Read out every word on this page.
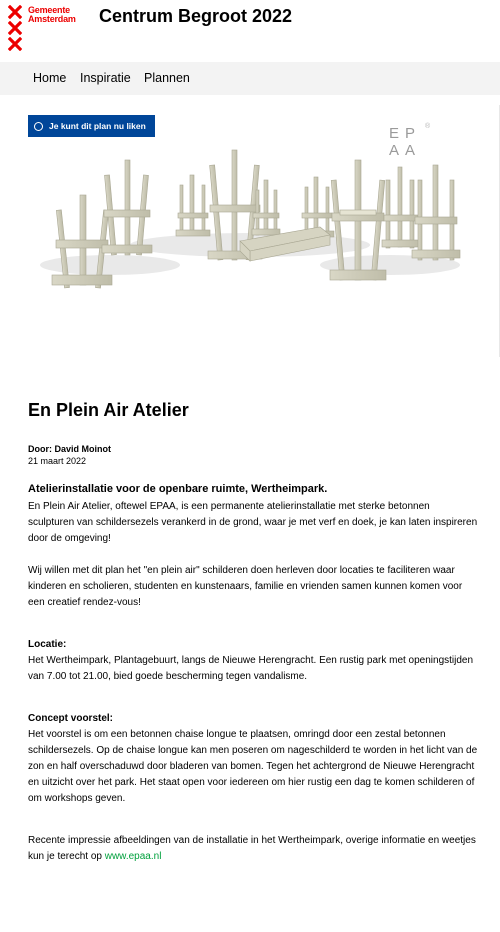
Gemeente
Amsterdam Centrum Begroot 2022
Home Inspiratie Plannen
Je kunt dit plan nu liken	E P
A A
®
En Plein Air Atelier
Door: David Moinot
21 maart 2022
Atelierinstallatie voor de openbare ruimte, Wertheimpark.

En Plein Air Atelier, oftewel EPAA, is een permanente atelierinstallatie met sterke betonnen sculpturen van schildersezels verankerd in de grond, waar je met verf en doek, je kan laten inspireren door de omgeving!

Wij willen met dit plan het "en plein air" schilderen doen herleven door locaties te faciliteren waar kinderen en scholieren, studenten en kunstenaars, familie en vrienden samen kunnen komen voor een creatief rendez-vous!

Locatie:

Het Wertheimpark, Plantagebuurt, langs de Nieuwe Herengracht. Een rustig park met openingstijden van 7.00 tot 21.00, bied goede bescherming tegen vandalisme.

Concept voorstel:

Het voorstel is om een betonnen chaise longue te plaatsen, omringd door een zestal betonnen schildersezels. Op de chaise longue kan men poseren om nageschilderd te worden in het licht van de zon en half overschaduwd door bladeren van bomen. Tegen het achtergrond de Nieuwe Herengracht en uitzicht over het park. Het staat open voor iedereen om hier rustig een dag te komen schilderen of om workshops geven.

Recente impressie afbeeldingen van de installatie in het Wertheimpark, overige informatie en weetjes kun je terecht op www.epaa.nl
